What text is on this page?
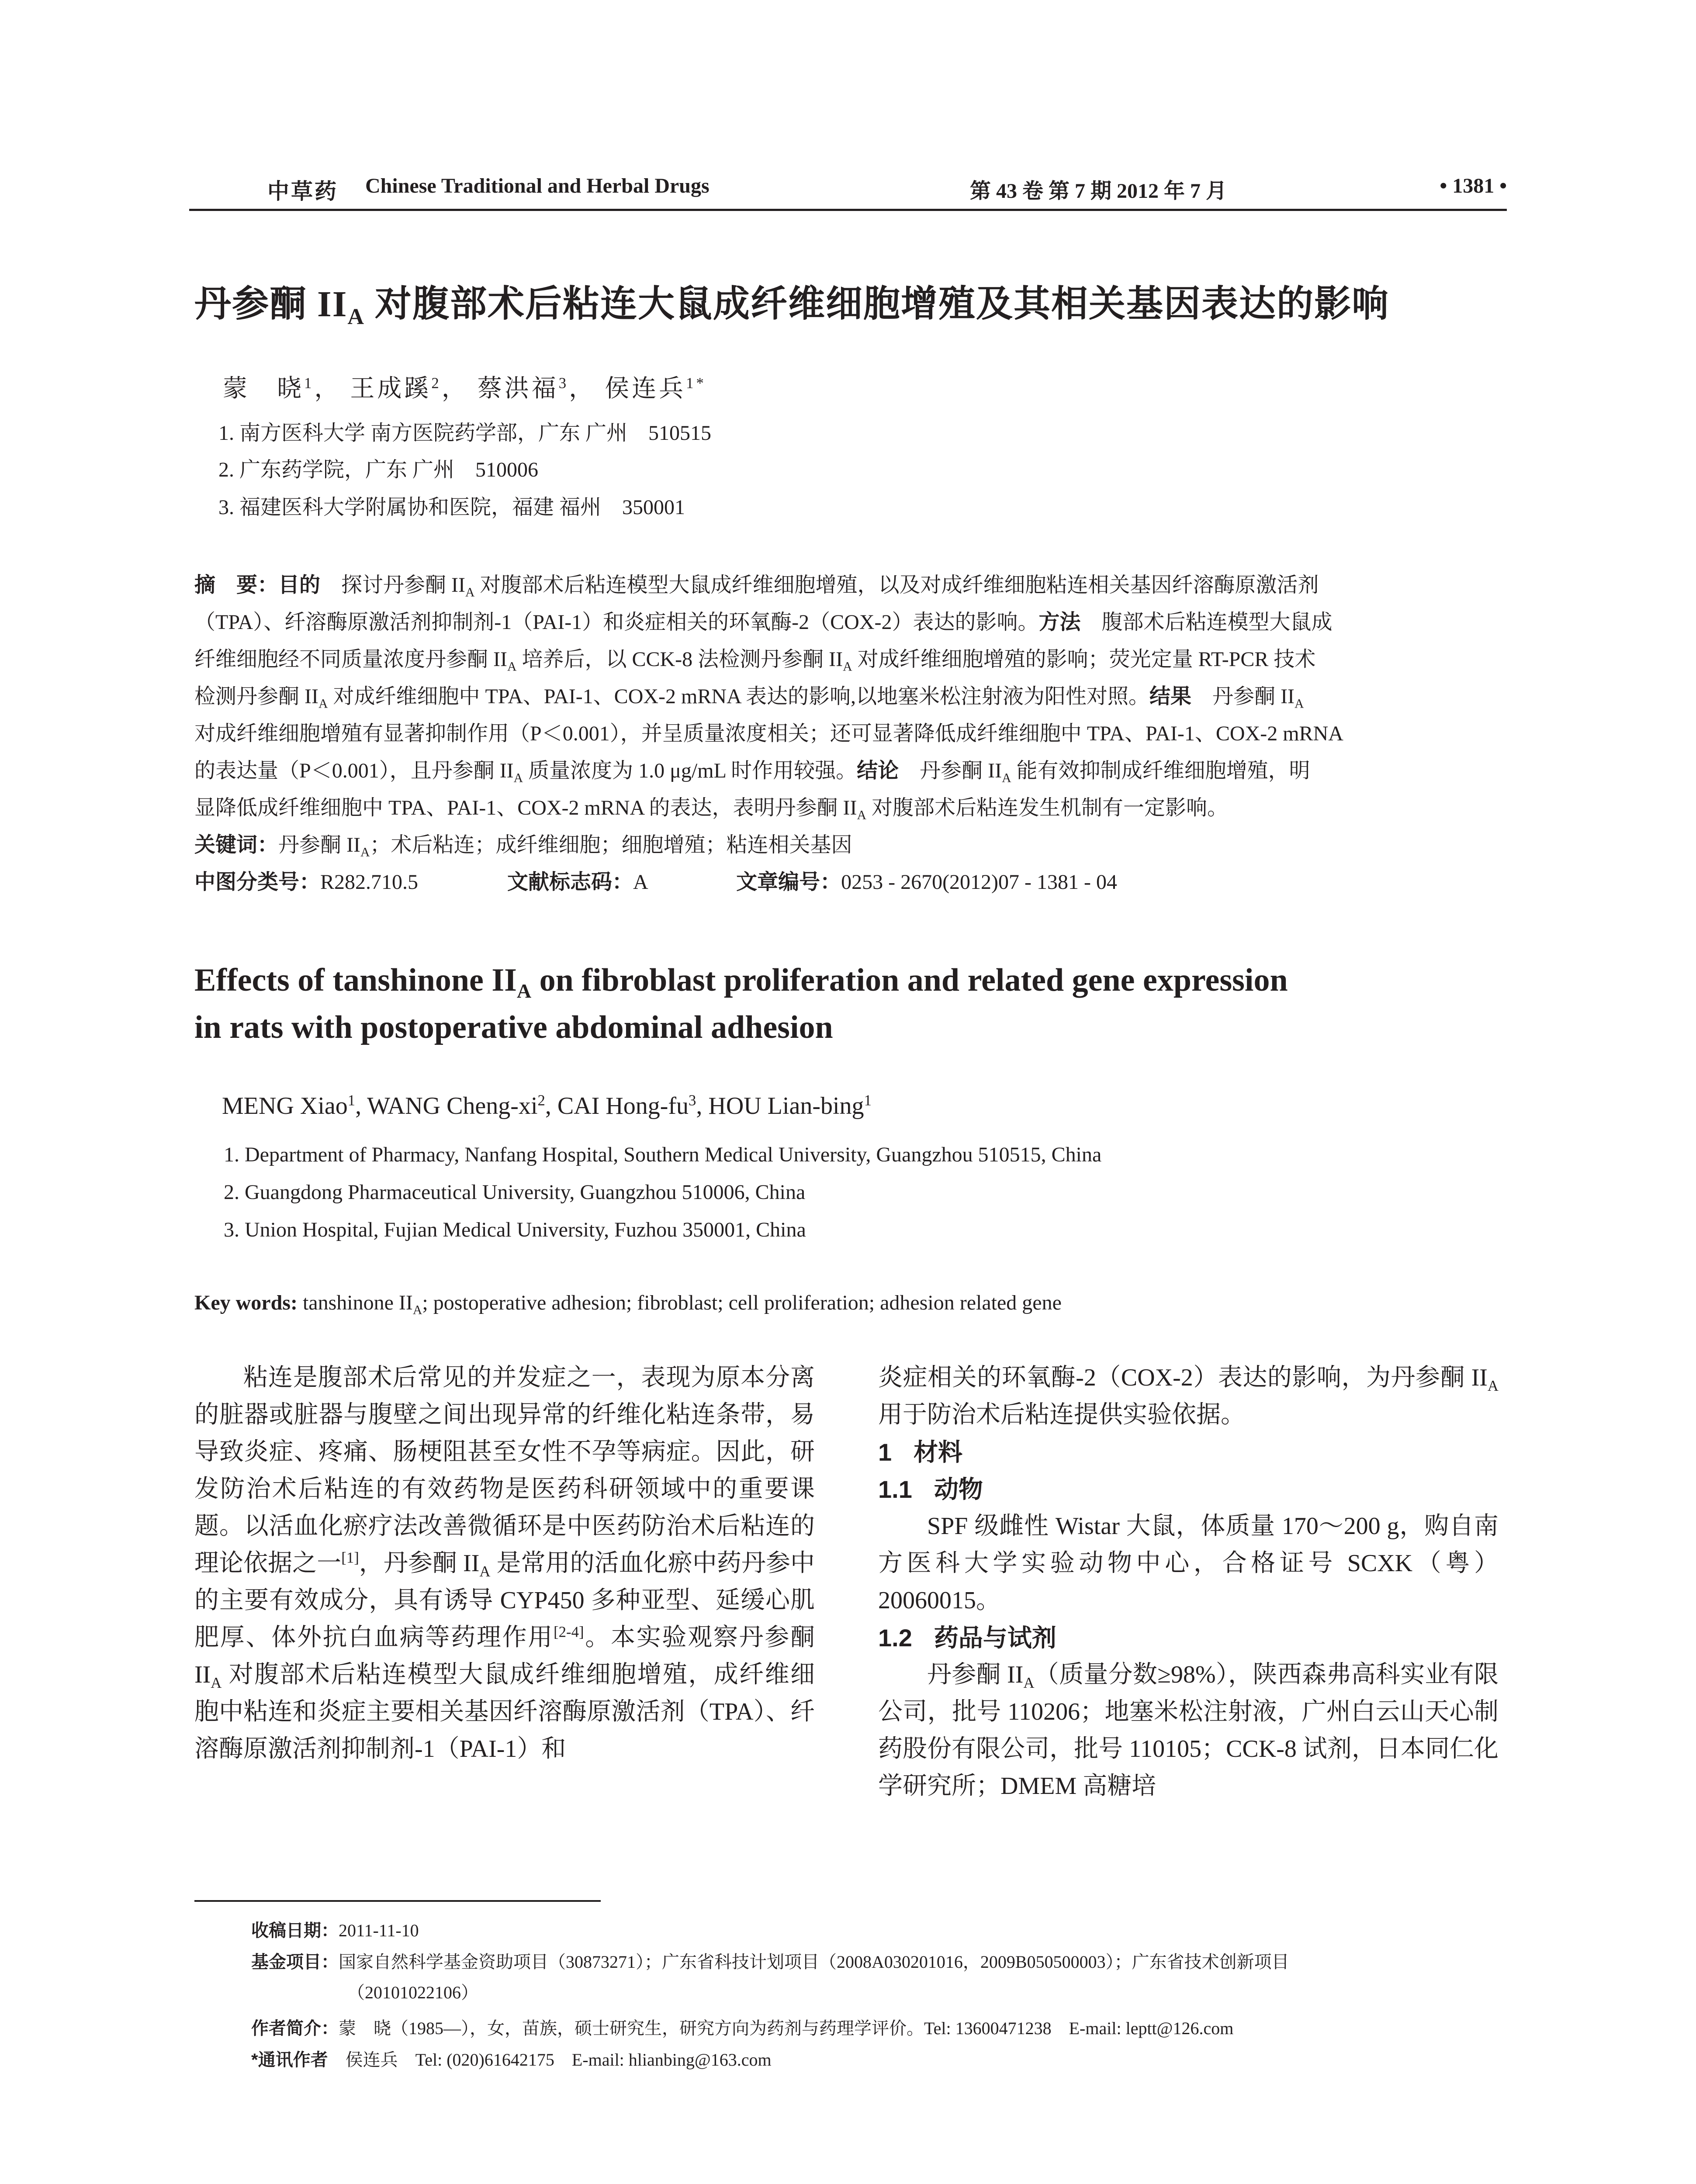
中草药 Chinese Traditional and Herbal Drugs	第 43 卷 第 7 期 2012 年 7 月	• 1381 •
丹参酮 $II_A$ 对腹部术后粘连大鼠成纤维细胞增殖及其相关基因表达的影响
蒙　晓$^1$， 王成蹊$^2$， 蔡洪福$^3$， 侯连兵$^{1*}$
1. 南方医科大学 南方医院药学部，广东 广州　510515
2. 广东药学院，广东 广州　510006
3. 福建医科大学附属协和医院，福建 福州　350001
摘　要：目的　探讨丹参酮 $II_A$ 对腹部术后粘连模型大鼠成纤维细胞增殖，以及对成纤维细胞粘连相关基因纤溶酶原激活剂
（TPA）、纤溶酶原激活剂抑制剂-1（PAI-1）和炎症相关的环氧酶-2（COX-2）表达的影响。方法　腹部术后粘连模型大鼠成
纤维细胞经不同质量浓度丹参酮 $II_A$ 培养后，以 CCK-8 法检测丹参酮 $II_A$ 对成纤维细胞增殖的影响；荧光定量 RT-PCR 技术
检测丹参酮 $II_A$ 对成纤维细胞中 TPA、PAI-1、COX-2 mRNA 表达的影响,以地塞米松注射液为阳性对照。结果　丹参酮 $II_A$
对成纤维细胞增殖有显著抑制作用（P＜0.001），并呈质量浓度相关；还可显著降低成纤维细胞中 TPA、PAI-1、COX-2 mRNA
的表达量（P＜0.001），且丹参酮 $II_A$ 质量浓度为 1.0 μg/mL 时作用较强。结论　丹参酮 $II_A$ 能有效抑制成纤维细胞增殖，明
显降低成纤维细胞中 TPA、PAI-1、COX-2 mRNA 的表达，表明丹参酮 $II_A$ 对腹部术后粘连发生机制有一定影响。
关键词：丹参酮 $II_A$；术后粘连；成纤维细胞；细胞增殖；粘连相关基因
中图分类号：R282.710.5	文献标志码：A	文章编号：0253 - 2670(2012)07 - 1381 - 04
Effects of tanshinone $II_A$ on fibroblast proliferation and related gene expression
in rats with postoperative abdominal adhesion
MENG Xiao$^1$, WANG Cheng-$xi^2$, CAI Hong-$fu^3$, HOU Lian-bing$^1$
1. Department of Pharmacy, Nanfang Hospital, Southern Medical University, Guangzhou 510515, China
2. Guangdong Pharmaceutical University, Guangzhou 510006, China
3. Union Hospital, Fujian Medical University, Fuzhou 350001, China
Key words: tanshinone $II_A$; postoperative adhesion; fibroblast; cell proliferation; adhesion related gene

粘连是腹部术后常见的并发症之一，表现为原本分离的脏器或脏器与腹壁之间出现异常的纤维化粘连条带，易导致炎症、疼痛、肠梗阻甚至女性不孕等病症。因此，研发防治术后粘连的有效药物是医药科研领域中的重要课题。以活血化瘀疗法改善微循环是中医药防治术后粘连的理论依据之一[1]，丹参酮 $II_A$ 是常用的活血化瘀中药丹参中的主要有效成分，具有诱导 CYP450 多种亚型、延缓心肌肥厚、体外抗白血病等药理作用[2-4]。本实验观察丹参酮 $II_A$ 对腹部术后粘连模型大鼠成纤维细胞增殖，成纤维细胞中粘连和炎症主要相关基因纤溶酶原激活剂（TPA）、纤溶酶原激活剂抑制剂-1（PAI-1）和

炎症相关的环氧酶-2（COX-2）表达的影响，为丹参酮 $II_A$ 用于防治术后粘连提供实验依据。

1 材料

1.1 动物

SPF 级雌性 Wistar 大鼠，体质量 170～200 g，购自南方医科大学实验动物中心，合格证号 SCXK（粤）20060015。

1.2 药品与试剂

丹参酮 $II_A$（质量分数≥98%），陕西森弗高科实业有限公司，批号 110206；地塞米松注射液，广州白云山天心制药股份有限公司，批号 110105；CCK-8 试剂，日本同仁化学研究所；DMEM 高糖培

收稿日期：2011-11-10
基金项目：国家自然科学基金资助项目（30873271）；广东省科技计划项目（2008A030201016，2009B050500003）；广东省技术创新项目
（20101022106）
作者简介：蒙　晓（1985—），女，苗族，硕士研究生，研究方向为药剂与药理学评价。Tel: 13600471238　E-mail: leptt@126.com
*通讯作者　侯连兵　Tel: (020)61642175　E-mail: hlianbing@163.com
